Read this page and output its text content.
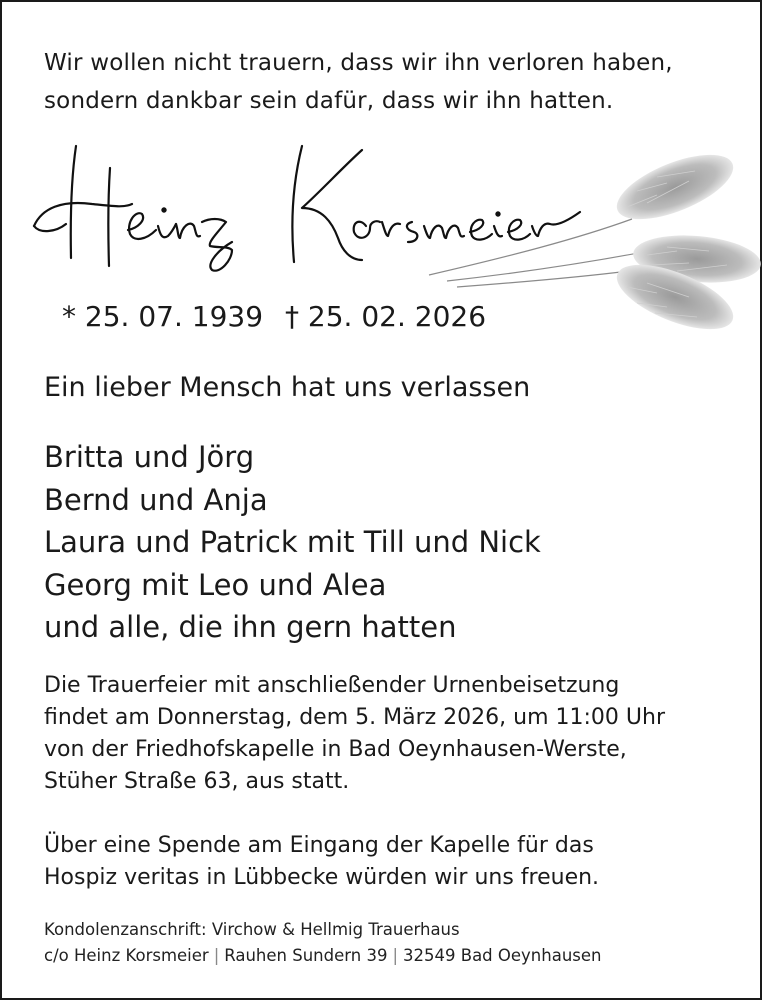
Wir wollen nicht trauern, dass wir ihn verloren haben,
sondern dankbar sein dafür, dass wir ihn hatten.
* 25. 07. 1939 † 25. 02. 2026
Ein lieber Mensch hat uns verlassen
Britta und Jörg
Bernd und Anja
Laura und Patrick mit Till und Nick
Georg mit Leo und Alea
und alle, die ihn gern hatten
Die Trauerfeier mit anschließender Urnenbeisetzung
findet am Donnerstag, dem 5. März 2026, um 11:00 Uhr
von der Friedhofskapelle in Bad Oeynhausen-Werste,
Stüher Straße 63, aus statt.
Über eine Spende am Eingang der Kapelle für das
Hospiz veritas in Lübbecke würden wir uns freuen.
Kondolenzanschrift: Virchow & Hellmig Trauerhaus
c/o Heinz Korsmeier | Rauhen Sundern 39 | 32549 Bad Oeynhausen
